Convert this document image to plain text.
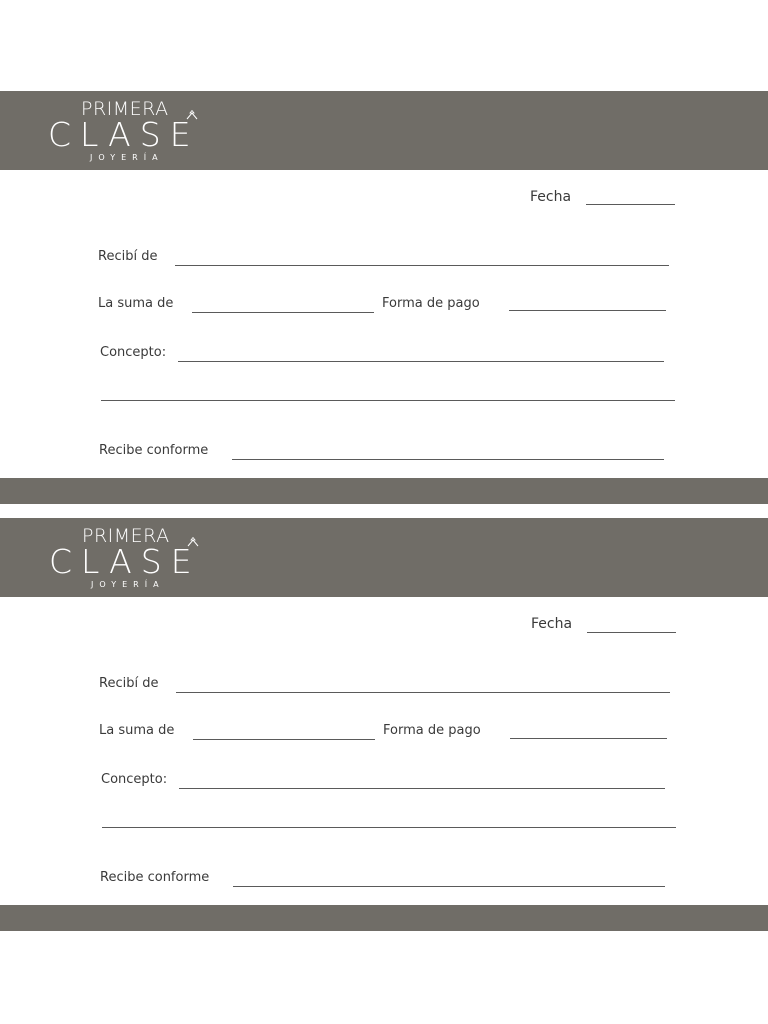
PRIMERA
CLASE
JOYERÍA
Fecha
Recibí de
La suma de	Forma de pago
Concepto:
Recibe conforme
PRIMERA
CLASE
JOYERÍA
Fecha
Recibí de
La suma de	Forma de pago
Concepto:
Recibe conforme
